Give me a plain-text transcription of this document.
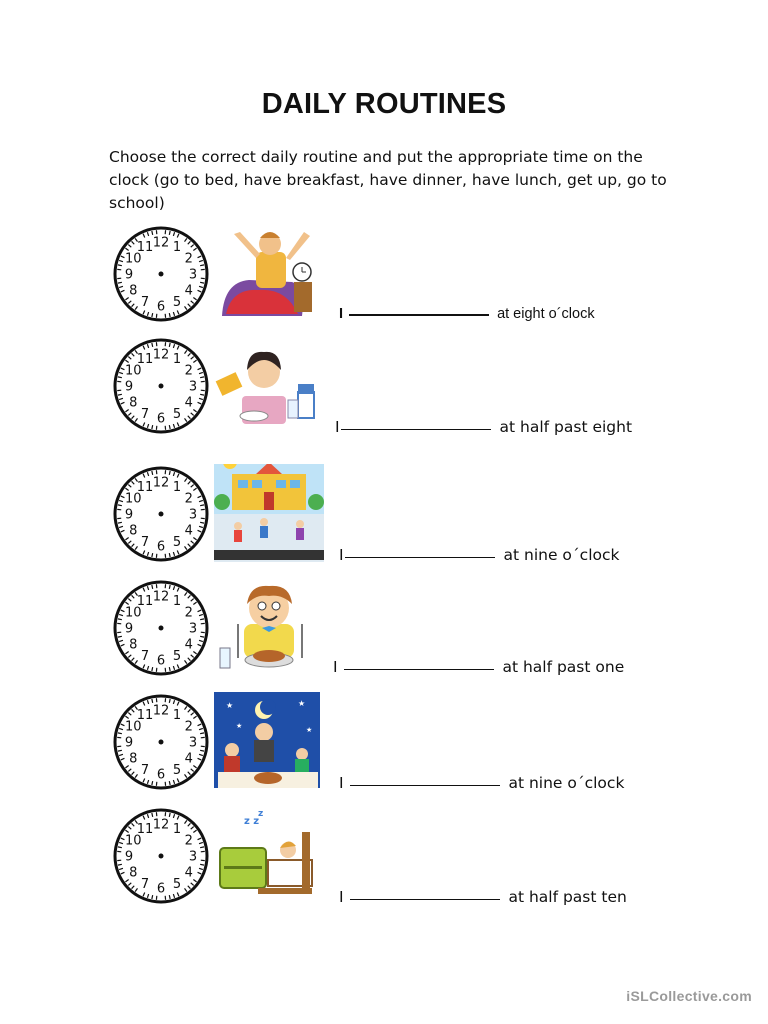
DAILY ROUTINES
Choose the correct daily routine and put the appropriate time on the
clock (go to bed, have breakfast, have dinner, have lunch, get up, go to
school)
12 1
2
3
4
5
6
7
8
9
10
11
I	at eight o´clock
12 1
2
3
4
5
6
7
8
9
10
11
I	at half past eight
12 1
2
3
4
5
6
7
8
9
10
11
I	at nine o´clock
12 1
2
3
4
5
6
7
8
9
10
11
I	at half past one
12 1
2
3
4
5
6
7
8
9
10
11
★	★
★
★
I	at nine o´clock
12 1
2
3
4
5
6
7
8
9
10
11
z z
z
I	at half past ten
iSLCollective.com
